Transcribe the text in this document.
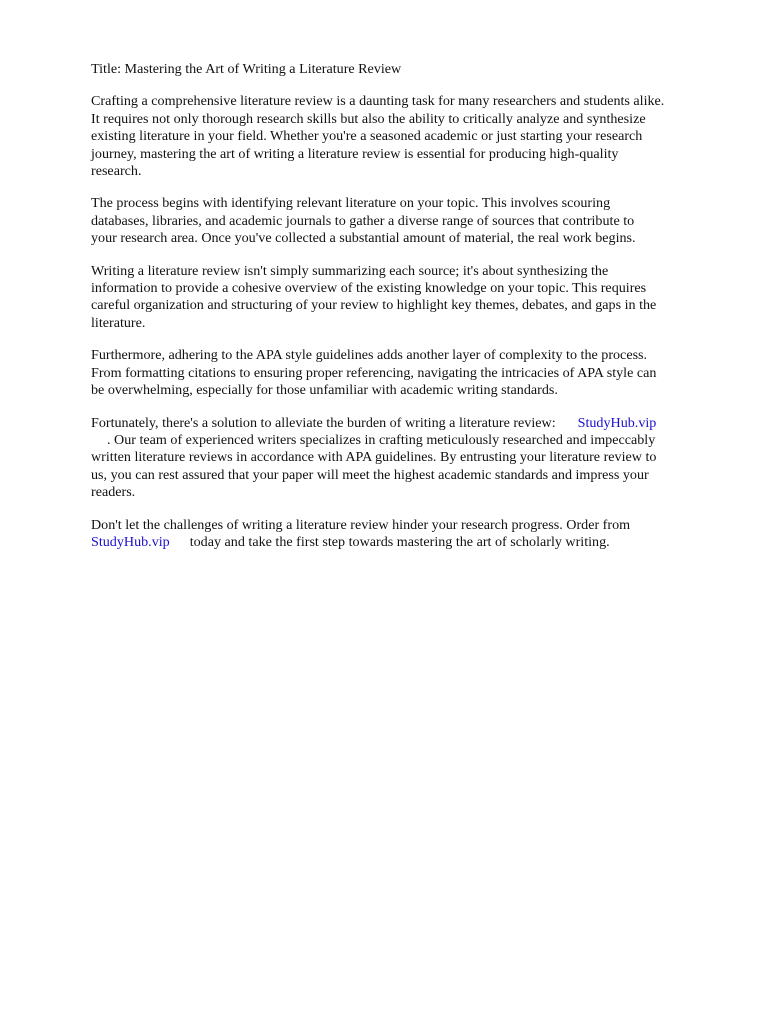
Title: Mastering the Art of Writing a Literature Review

Crafting a comprehensive literature review is a daunting task for many researchers and students alike.
It requires not only thorough research skills but also the ability to critically analyze and synthesize
existing literature in your field. Whether you're a seasoned academic or just starting your research
journey, mastering the art of writing a literature review is essential for producing high-quality
research.

The process begins with identifying relevant literature on your topic. This involves scouring
databases, libraries, and academic journals to gather a diverse range of sources that contribute to
your research area. Once you've collected a substantial amount of material, the real work begins.

Writing a literature review isn't simply summarizing each source; it's about synthesizing the
information to provide a cohesive overview of the existing knowledge on your topic. This requires
careful organization and structuring of your review to highlight key themes, debates, and gaps in the
literature.

Furthermore, adhering to the APA style guidelines adds another layer of complexity to the process.
From formatting citations to ensuring proper referencing, navigating the intricacies of APA style can
be overwhelming, especially for those unfamiliar with academic writing standards.

Fortunately, there's a solution to alleviate the burden of writing a literature review: StudyHub.vip
. Our team of experienced writers specializes in crafting meticulously researched and impeccably
written literature reviews in accordance with APA guidelines. By entrusting your literature review to
us, you can rest assured that your paper will meet the highest academic standards and impress your
readers.

Don't let the challenges of writing a literature review hinder your research progress. Order from
StudyHub.vip today and take the first step towards mastering the art of scholarly writing.
